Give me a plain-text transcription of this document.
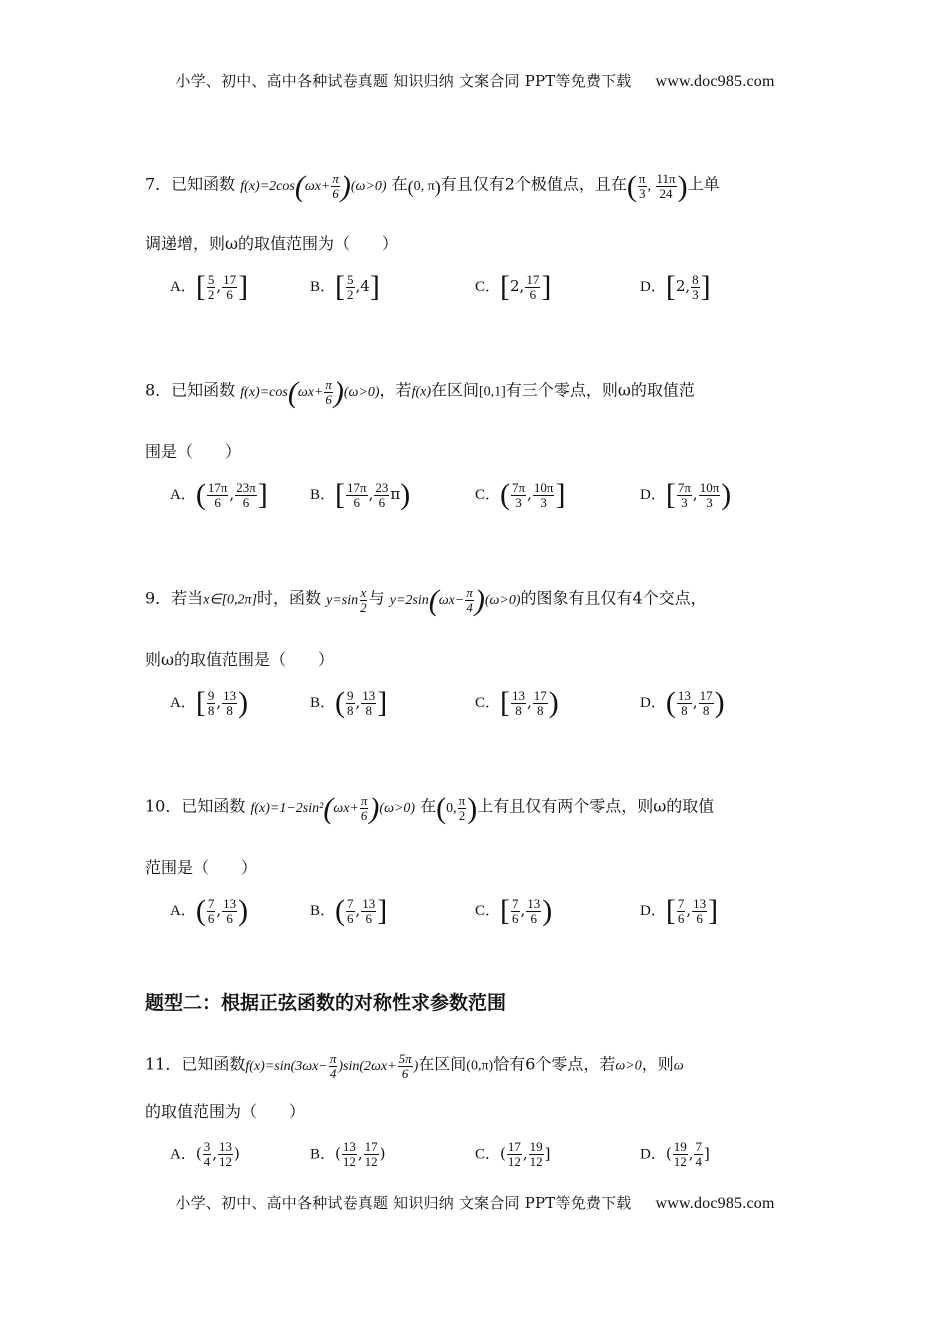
小学、初中、高中各种试卷真题 知识归纳 文案合同 PPT等免费下载 www.doc985.com
7．已知函数 $f(x)=2\cos(\omega x+ \frac{\pi}{6} )(\omega>0)$ 在(0, π)有且仅有2个极值点，且在( $\frac{\pi}{3}$ , $\frac{11\pi}{24}$ )上单
调递增，则ω的取值范围为（　　）
A．[ $\frac{5}{2}$ , $\frac{17}{6}$ ]	B．[ $\frac{5}{2} ,4$]	C．[2, $\frac{17}{6}$ ]	D．[2, $\frac{8}{3}$ ]
8．已知函数 $f(x)=\cos(\omega x+ \frac{\pi}{6} )(\omega>0)$，若f(x)在区间[0,1]有三个零点，则ω的取值范
围是（　　）
A．( $\frac{17\pi}{6}$ , $\frac{23\pi}{6}$ ]	B．[ $\frac{17\pi}{6}$ , $\frac{23}{6} \pi$)	C．( $\frac{7\pi}{3}$ , $\frac{10\pi}{3}$ ]	D．[ $\frac{7\pi}{3}$ , $\frac{10\pi}{3}$ )
9．若当x∈[0,2π]时，函数 $y=\sin \frac{x}{2}$ 与 $y=2\sin(\omega x- \frac{\pi}{4} )(\omega>0)$的图象有且仅有4个交点，
则ω的取值范围是（　　）
A．[ $\frac{9}{8}$ , $\frac{13}{8}$ )	B．( $\frac{9}{8}$ , $\frac{13}{8}$ ]	C．[ $\frac{13}{8}$ , $\frac{17}{8}$ )	D．( $\frac{13}{8}$ , $\frac{17}{8}$ )
10．已知函数 $f(x)=1-2\sin^2(\omega x+ \frac{\pi}{6} )(\omega>0)$ 在(0, $\frac{\pi}{2}$ )上有且仅有两个零点，则ω的取值
范围是（　　）
A．( $\frac{7}{6}$ , $\frac{13}{6}$ )	B．( $\frac{7}{6}$ , $\frac{13}{6}$ ]	C．[ $\frac{7}{6}$ , $\frac{13}{6}$ )	D．[ $\frac{7}{6}$ , $\frac{13}{6}$ ]
题型二：根据正弦函数的对称性求参数范围
11．已知函数$f(x)=\sin(3\omega x- \frac{\pi}{4} )\sin(2\omega x+ \frac{5\pi}{6}$ )在区间(0,π)恰有6个零点，若ω>0，则ω
的取值范围为（　　）
A．( $\frac{3}{4}$ , $\frac{13}{12}$ )	B．( $\frac{13}{12}$ , $\frac{17}{12}$ )	C．( $\frac{17}{12}$ , $\frac{19}{12}$ ]	D．( $\frac{19}{12}$ , $\frac{7}{4}$ ]
小学、初中、高中各种试卷真题 知识归纳 文案合同 PPT等免费下载 www.doc985.com
